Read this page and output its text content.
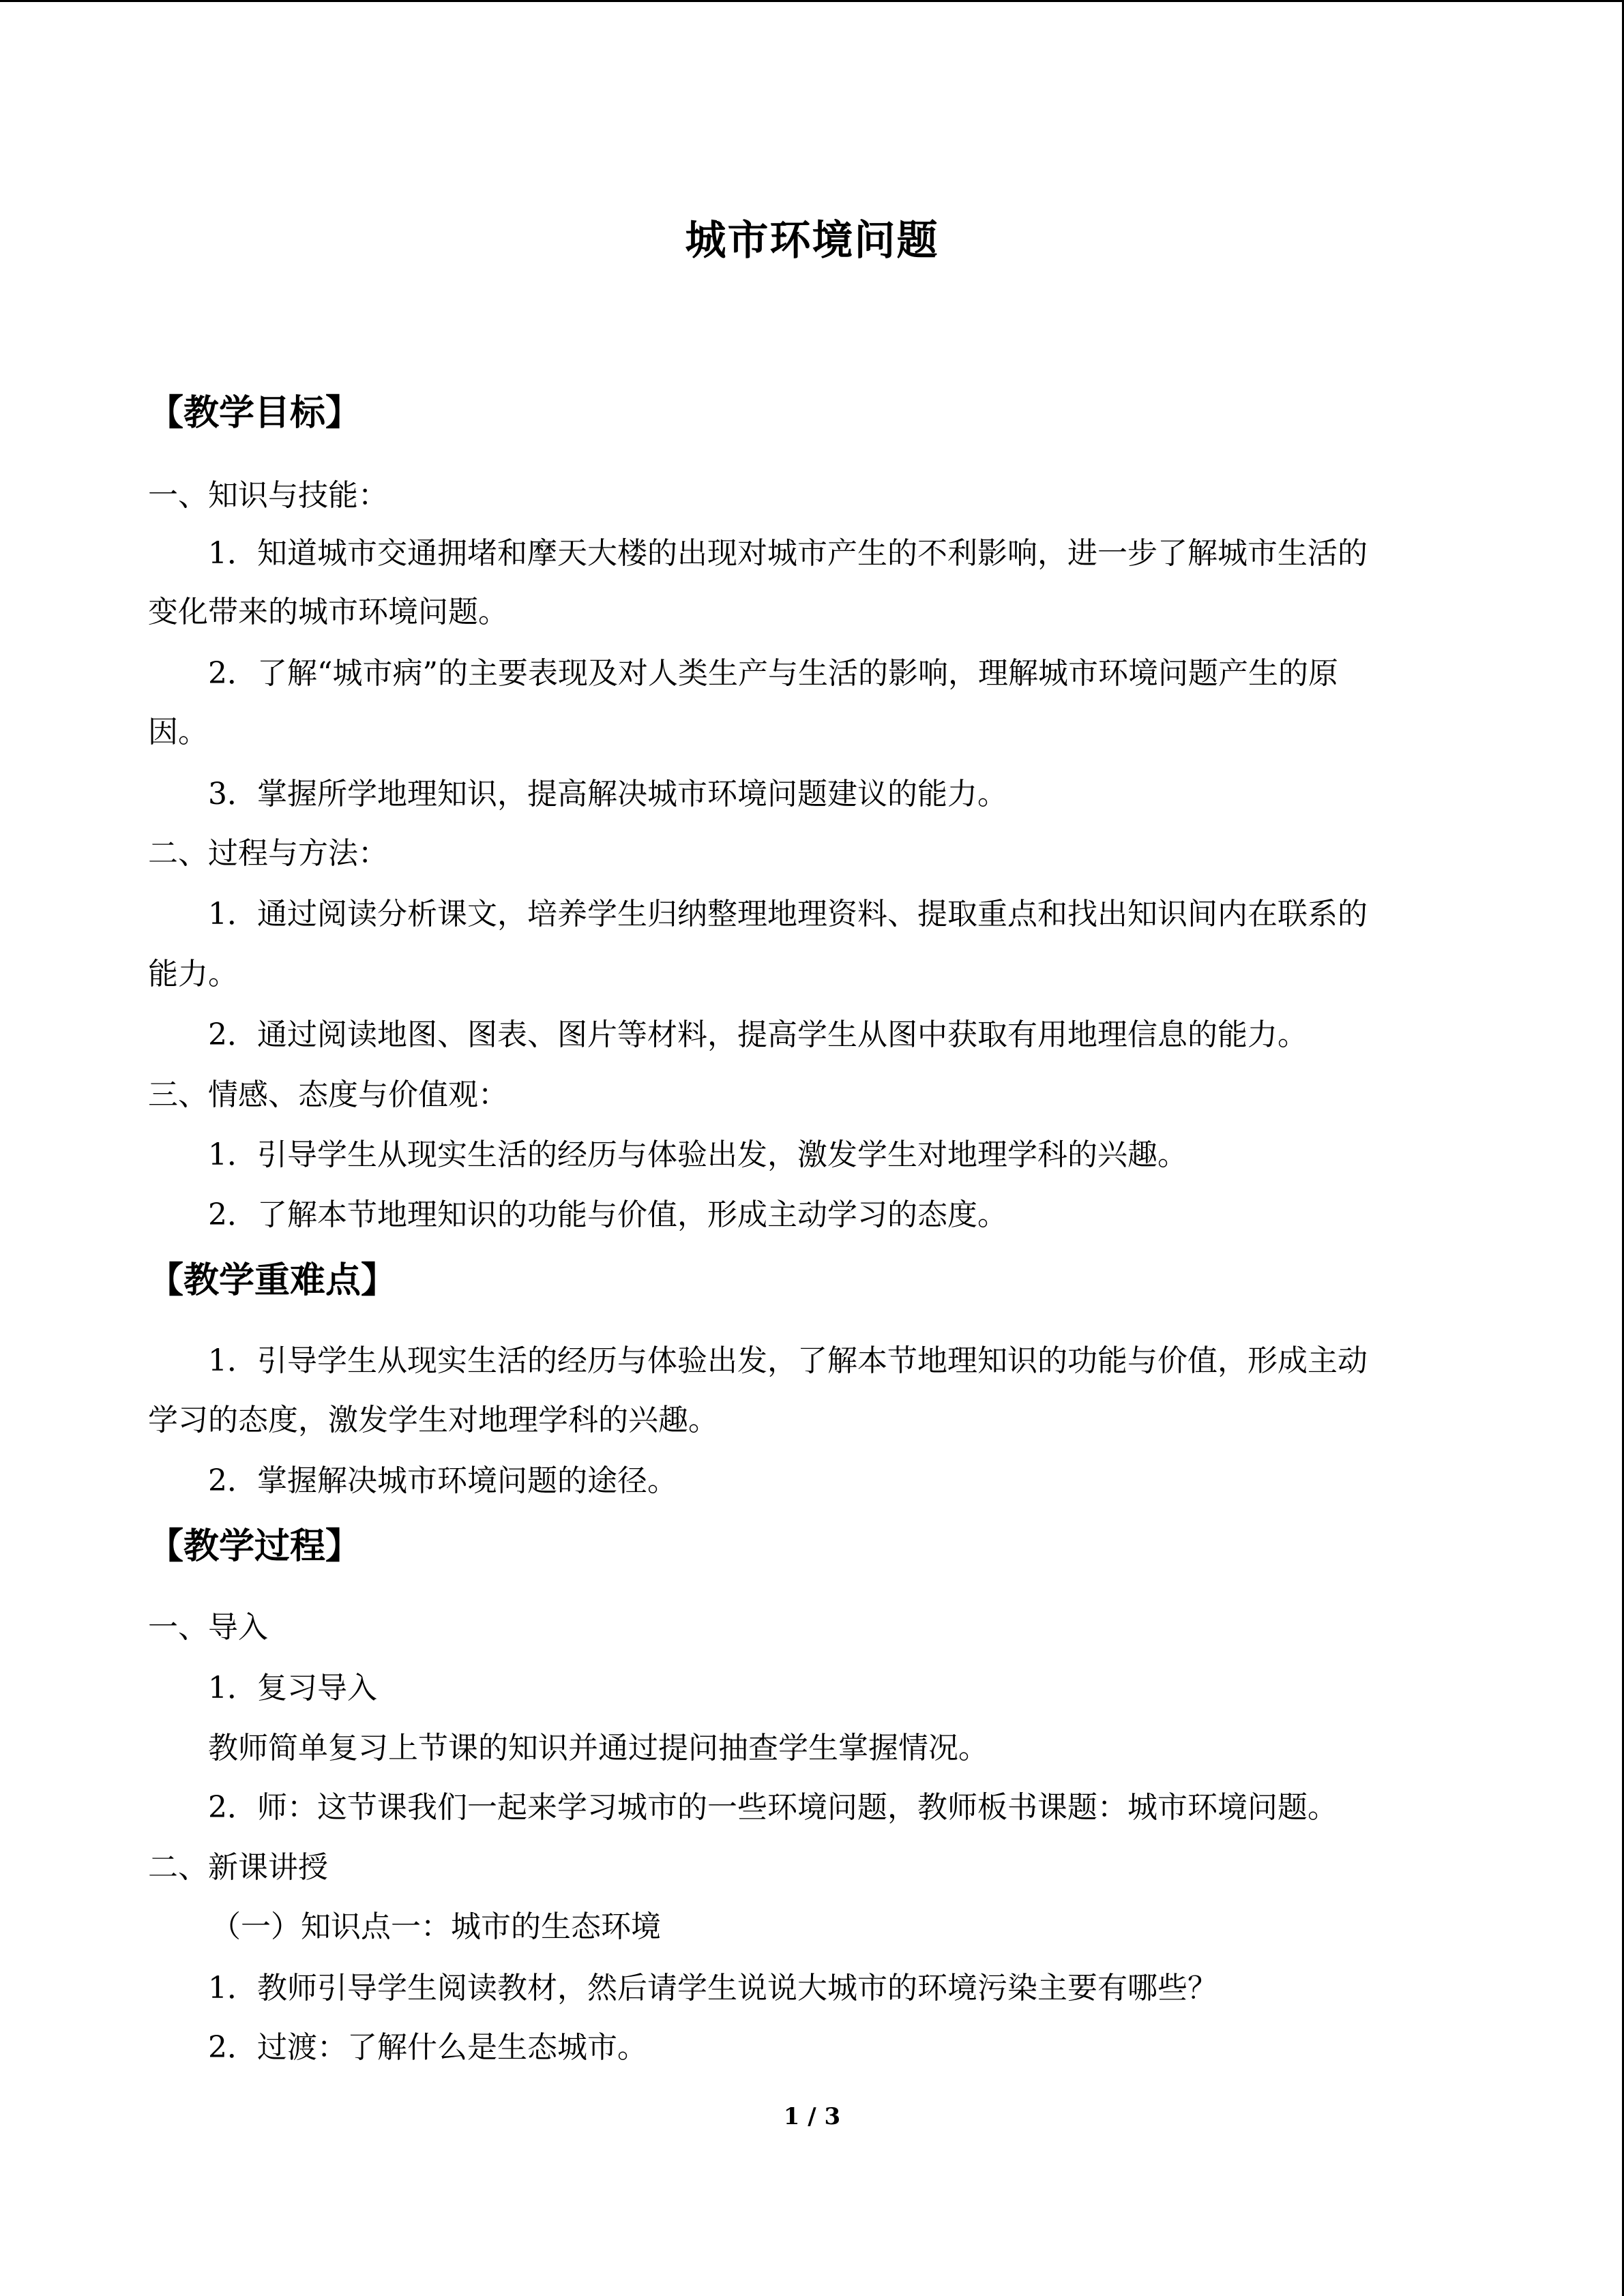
城市环境问题
【教学目标】
一、知识与技能：
1．知道城市交通拥堵和摩天大楼的出现对城市产生的不利影响，进一步了解城市生活的
变化带来的城市环境问题。
2．了解“城市病”的主要表现及对人类生产与生活的影响，理解城市环境问题产生的原
因。
3．掌握所学地理知识，提高解决城市环境问题建议的能力。
二、过程与方法：
1．通过阅读分析课文，培养学生归纳整理地理资料、提取重点和找出知识间内在联系的
能力。
2．通过阅读地图、图表、图片等材料，提高学生从图中获取有用地理信息的能力。
三、情感、态度与价值观：
1．引导学生从现实生活的经历与体验出发，激发学生对地理学科的兴趣。
2．了解本节地理知识的功能与价值，形成主动学习的态度。
【教学重难点】
1．引导学生从现实生活的经历与体验出发，了解本节地理知识的功能与价值，形成主动
学习的态度，激发学生对地理学科的兴趣。
2．掌握解决城市环境问题的途径。
【教学过程】
一、导入
1．复习导入
教师简单复习上节课的知识并通过提问抽查学生掌握情况。
2．师：这节课我们一起来学习城市的一些环境问题，教师板书课题：城市环境问题。
二、新课讲授
（一）知识点一：城市的生态环境
1．教师引导学生阅读教材，然后请学生说说大城市的环境污染主要有哪些？
2．过渡：了解什么是生态城市。
1 / 3
